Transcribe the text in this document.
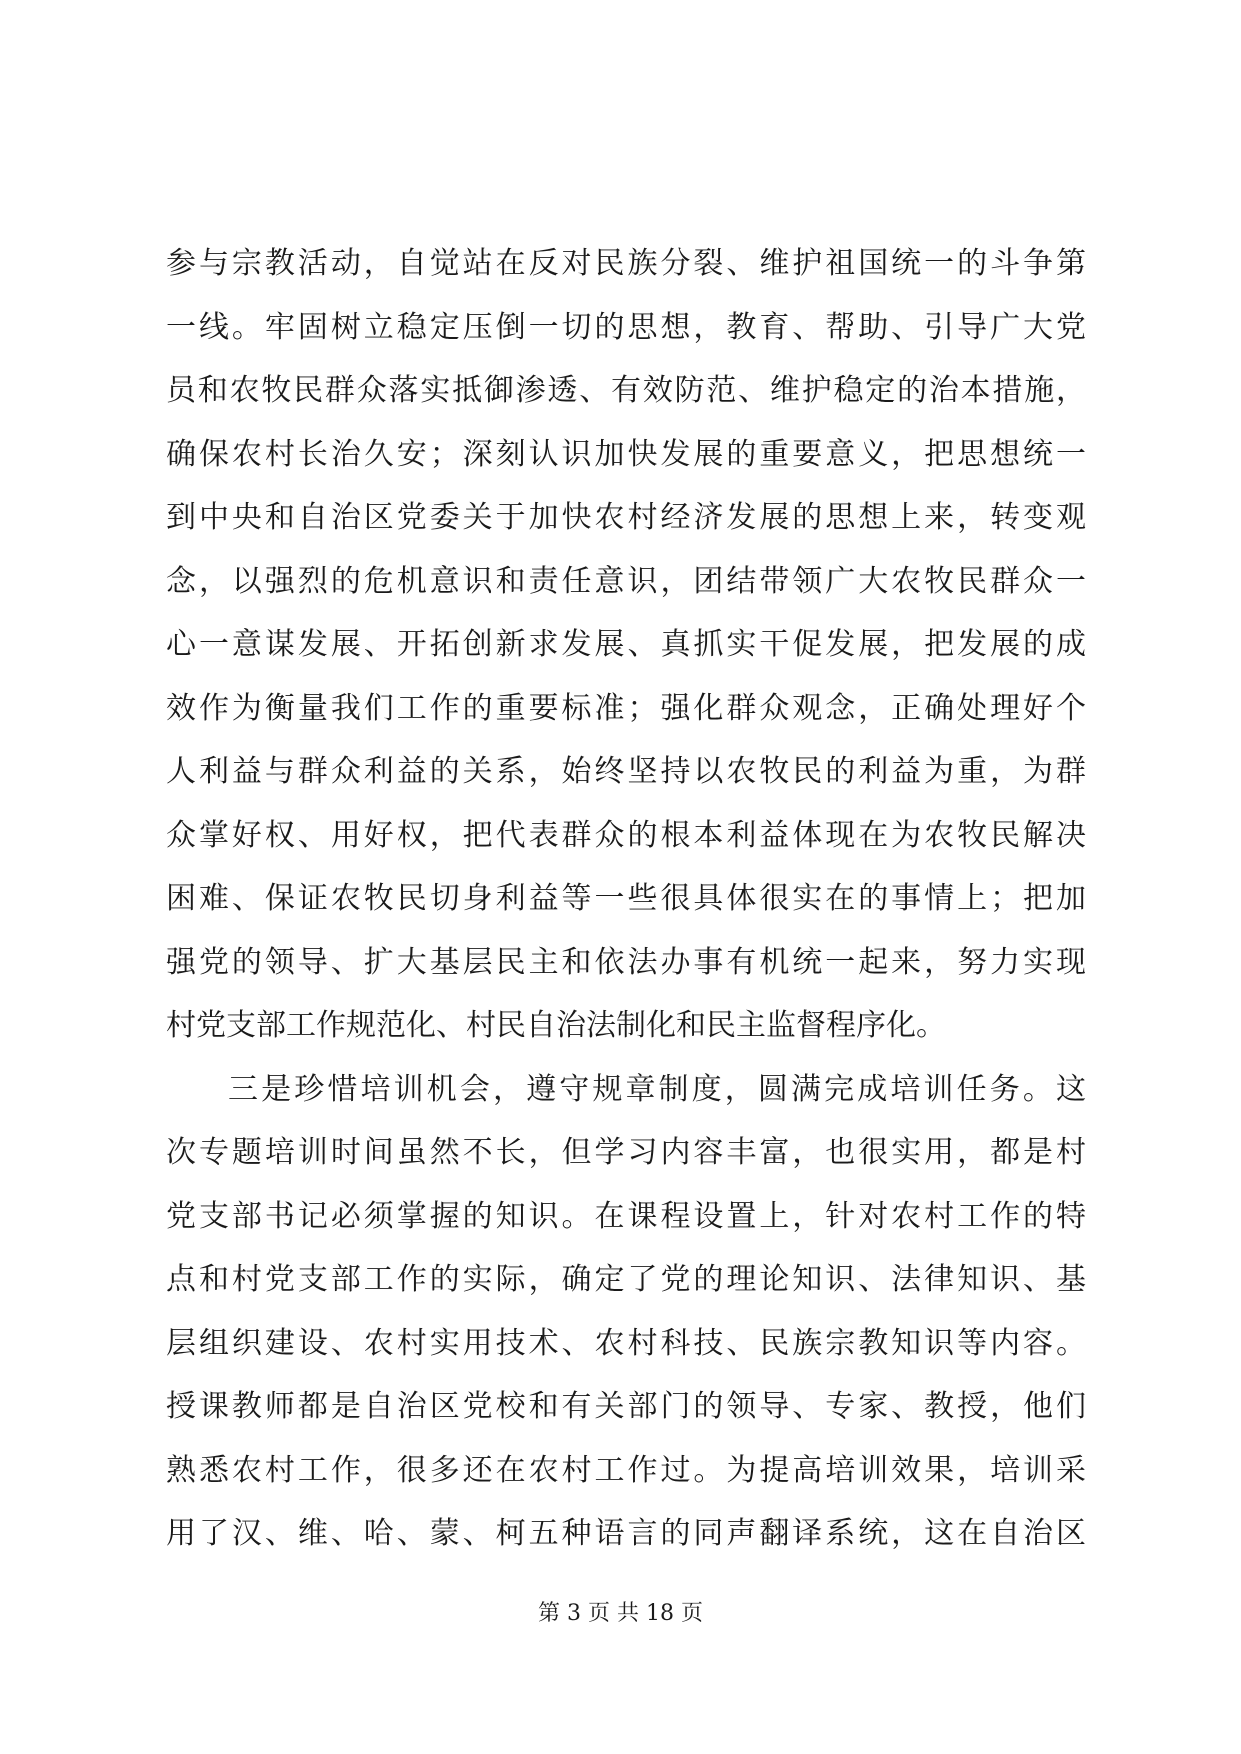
参与宗教活动，自觉站在反对民族分裂、维护祖国统一的斗争第
一线。牢固树立稳定压倒一切的思想，教育、帮助、引导广大党
员和农牧民群众落实抵御渗透、有效防范、维护稳定的治本措施，
确保农村长治久安；深刻认识加快发展的重要意义，把思想统一
到中央和自治区党委关于加快农村经济发展的思想上来，转变观
念，以强烈的危机意识和责任意识，团结带领广大农牧民群众一
心一意谋发展、开拓创新求发展、真抓实干促发展，把发展的成
效作为衡量我们工作的重要标准；强化群众观念，正确处理好个
人利益与群众利益的关系，始终坚持以农牧民的利益为重，为群
众掌好权、用好权，把代表群众的根本利益体现在为农牧民解决
困难、保证农牧民切身利益等一些很具体很实在的事情上；把加
强党的领导、扩大基层民主和依法办事有机统一起来，努力实现
村党支部工作规范化、村民自治法制化和民主监督程序化。
三是珍惜培训机会，遵守规章制度，圆满完成培训任务。这
次专题培训时间虽然不长，但学习内容丰富，也很实用，都是村
党支部书记必须掌握的知识。在课程设置上，针对农村工作的特
点和村党支部工作的实际，确定了党的理论知识、法律知识、基
层组织建设、农村实用技术、农村科技、民族宗教知识等内容。
授课教师都是自治区党校和有关部门的领导、专家、教授，他们
熟悉农村工作，很多还在农村工作过。为提高培训效果，培训采
用了汉、维、哈、蒙、柯五种语言的同声翻译系统，这在自治区
第 3 页 共 18 页
